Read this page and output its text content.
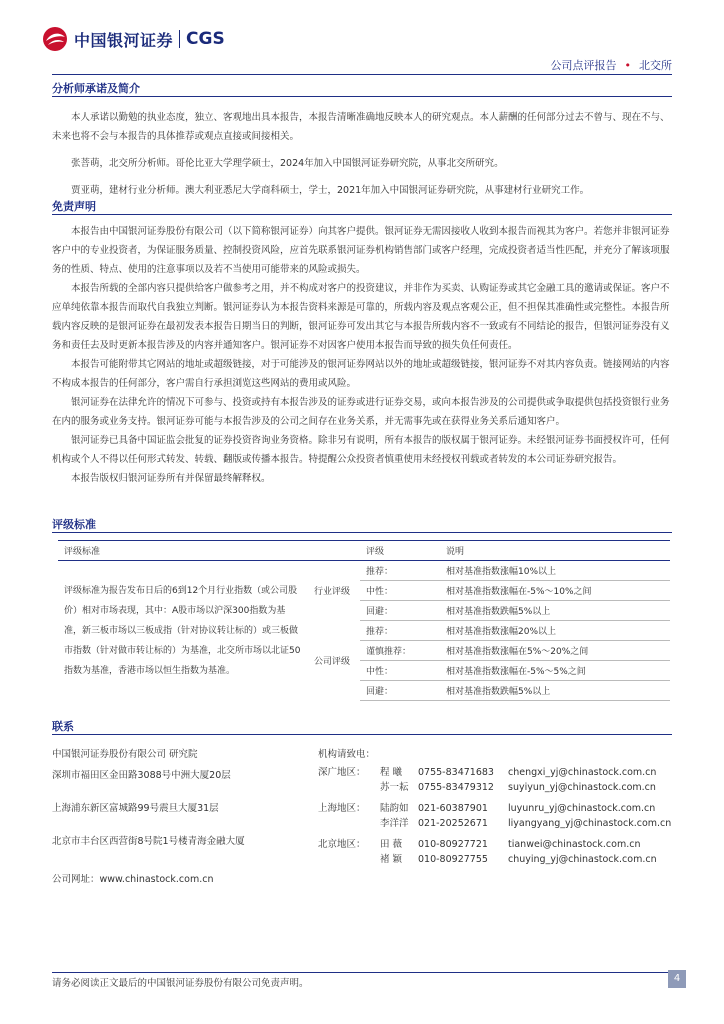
中国银河证券 CGS
公司点评报告 • 北交所
分析师承诺及简介

本人承诺以勤勉的执业态度，独立、客观地出具本报告，本报告清晰准确地反映本人的研究观点。本人薪酬的任何部分过去不曾与、现在不与、未来也将不会与本报告的具体推荐或观点直接或间接相关。

张菩萌，北交所分析师。哥伦比亚大学理学硕士，2024年加入中国银河证券研究院，从事北交所研究。

贾亚萌，建材行业分析师。澳大利亚悉尼大学商科硕士，学士，2021年加入中国银河证券研究院，从事建材行业研究工作。

免责声明

本报告由中国银河证券股份有限公司（以下简称银河证券）向其客户提供。银河证券无需因接收人收到本报告而视其为客户。若您并非银河证券客户中的专业投资者，为保证服务质量、控制投资风险，应首先联系银河证券机构销售部门或客户经理，完成投资者适当性匹配，并充分了解该项服务的性质、特点、使用的注意事项以及若不当使用可能带来的风险或损失。

本报告所载的全部内容只提供给客户做参考之用，并不构成对客户的投资建议，并非作为买卖、认购证券或其它金融工具的邀请或保证。客户不应单纯依靠本报告而取代自我独立判断。银河证券认为本报告资料来源是可靠的，所载内容及观点客观公正，但不担保其准确性或完整性。本报告所载内容反映的是银河证券在最初发表本报告日期当日的判断，银河证券可发出其它与本报告所载内容不一致或有不同结论的报告，但银河证券没有义务和责任去及时更新本报告涉及的内容并通知客户。银河证券不对因客户使用本报告而导致的损失负任何责任。

本报告可能附带其它网站的地址或超级链接，对于可能涉及的银河证券网站以外的地址或超级链接，银河证券不对其内容负责。链接网站的内容不构成本报告的任何部分，客户需自行承担浏览这些网站的费用或风险。

银河证券在法律允许的情况下可参与、投资或持有本报告涉及的证券或进行证券交易，或向本报告涉及的公司提供或争取提供包括投资银行业务在内的服务或业务支持。银河证券可能与本报告涉及的公司之间存在业务关系，并无需事先或在获得业务关系后通知客户。

银河证券已具备中国证监会批复的证券投资咨询业务资格。除非另有说明，所有本报告的版权属于银河证券。未经银河证券书面授权许可，任何机构或个人不得以任何形式转发、转载、翻版或传播本报告。特提醒公众投资者慎重使用未经授权刊载或者转发的本公司证券研究报告。

本报告版权归银河证券所有并保留最终解释权。

评级标准
评级标准		评级	说明
评级标准为报告发布日后的6到12个月行业指数（或公司股价）相对市场表现，其中：A股市场以沪深300指数为基准，新三板市场以三板成指（针对协议转让标的）或三板做市指数（针对做市转让标的）为基准，北交所市场以北证50指数为基准，香港市场以恒生指数为基准。	行业评级	推荐：	相对基准指数涨幅10%以上
		中性：	相对基准指数涨幅在-5%～10%之间
		回避：	相对基准指数跌幅5%以上
	公司评级	推荐：	相对基准指数涨幅20%以上
		谨慎推荐：	相对基准指数涨幅在5%～20%之间
		中性：	相对基准指数涨幅在-5%～5%之间
		回避：	相对基准指数跌幅5%以上
联系
中国银河证券股份有限公司 研究院
深圳市福田区金田路3088号中洲大厦20层
上海浦东新区富城路99号震旦大厦31层
北京市丰台区西营街8号院1号楼青海金融大厦
机构请致电：
深广地区：	程 曦	0755-83471683	chengxi_yj@chinastock.com.cn
苏一耘 0755-83479312	suyiyun_yj@chinastock.com.cn
上海地区：	陆韵如 021-60387901	luyunru_yj@chinastock.com.cn
李洋洋 021-20252671	liyangyang_yj@chinastock.com.cn
北京地区：	田 薇	010-80927721	tianwei@chinastock.com.cn
褚 颖	010-80927755	chuying_yj@chinastock.com.cn
公司网址：www.chinastock.com.cn
请务必阅读正文最后的中国银河证券股份有限公司免责声明。	4
